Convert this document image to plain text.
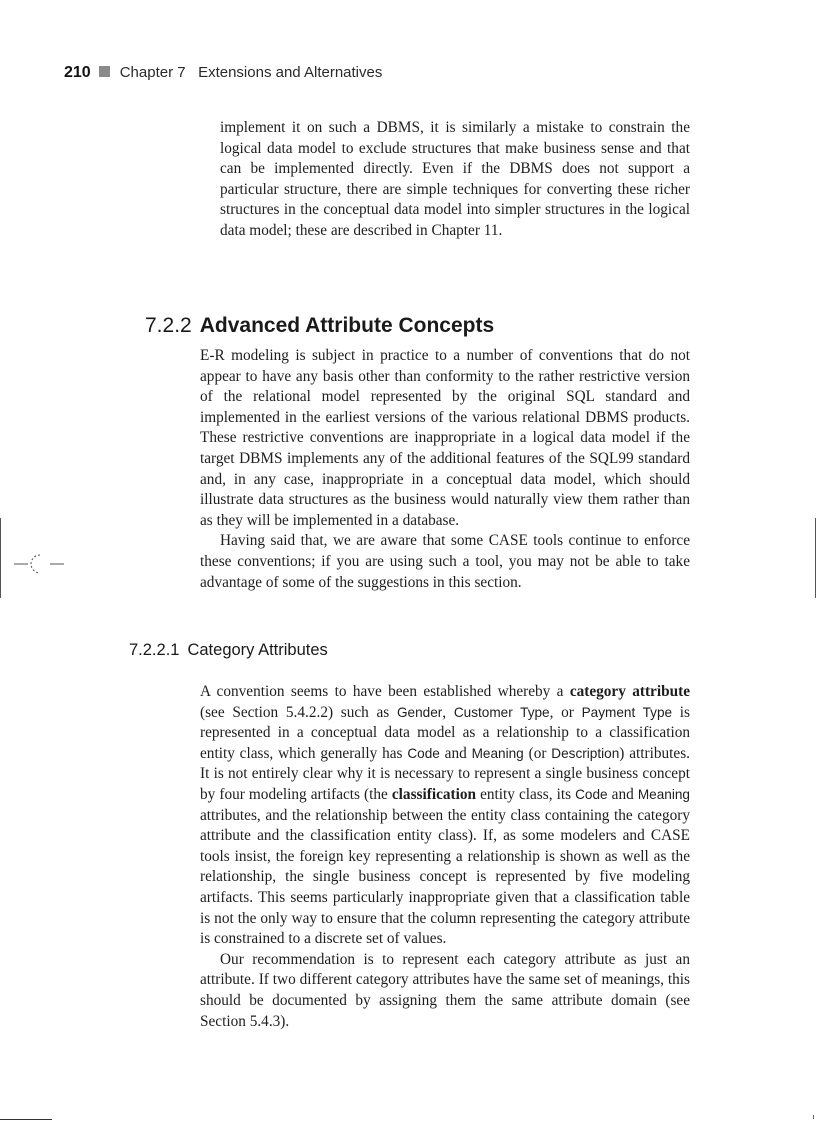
210 Chapter 7   Extensions and Alternatives

implement it on such a DBMS, it is similarly a mistake to constrain the logical data model to exclude structures that make business sense and that can be implemented directly. Even if the DBMS does not support a particular structure, there are simple techniques for converting these richer structures in the conceptual data model into simpler structures in the logical data model; these are described in Chapter 11.

7.2.2 Advanced Attribute Concepts

E-R modeling is subject in practice to a number of conventions that do not appear to have any basis other than conformity to the rather restrictive version of the relational model represented by the original SQL standard and implemented in the earliest versions of the various relational DBMS products. These restrictive conventions are inappropriate in a logical data model if the target DBMS implements any of the additional features of the SQL99 standard and, in any case, inappropriate in a conceptual data model, which should illustrate data structures as the business would naturally view them rather than as they will be implemented in a database.

Having said that, we are aware that some CASE tools continue to enforce these conventions; if you are using such a tool, you may not be able to take advantage of some of the suggestions in this section.

7.2.2.1 Category Attributes

A convention seems to have been established whereby a category attribute (see Section 5.4.2.2) such as Gender, Customer Type, or Payment Type is represented in a conceptual data model as a relationship to a classification entity class, which generally has Code and Meaning (or Description) attributes. It is not entirely clear why it is necessary to represent a single business concept by four modeling artifacts (the classification entity class, its Code and Meaning attributes, and the relationship between the entity class containing the category attribute and the classification entity class). If, as some modelers and CASE tools insist, the foreign key representing a relationship is shown as well as the relationship, the single business concept is represented by five modeling artifacts. This seems particularly inappropriate given that a classification table is not the only way to ensure that the column representing the category attribute is constrained to a discrete set of values.

Our recommendation is to represent each category attribute as just an attribute. If two different category attributes have the same set of meanings, this should be documented by assigning them the same attribute domain (see Section 5.4.3).
